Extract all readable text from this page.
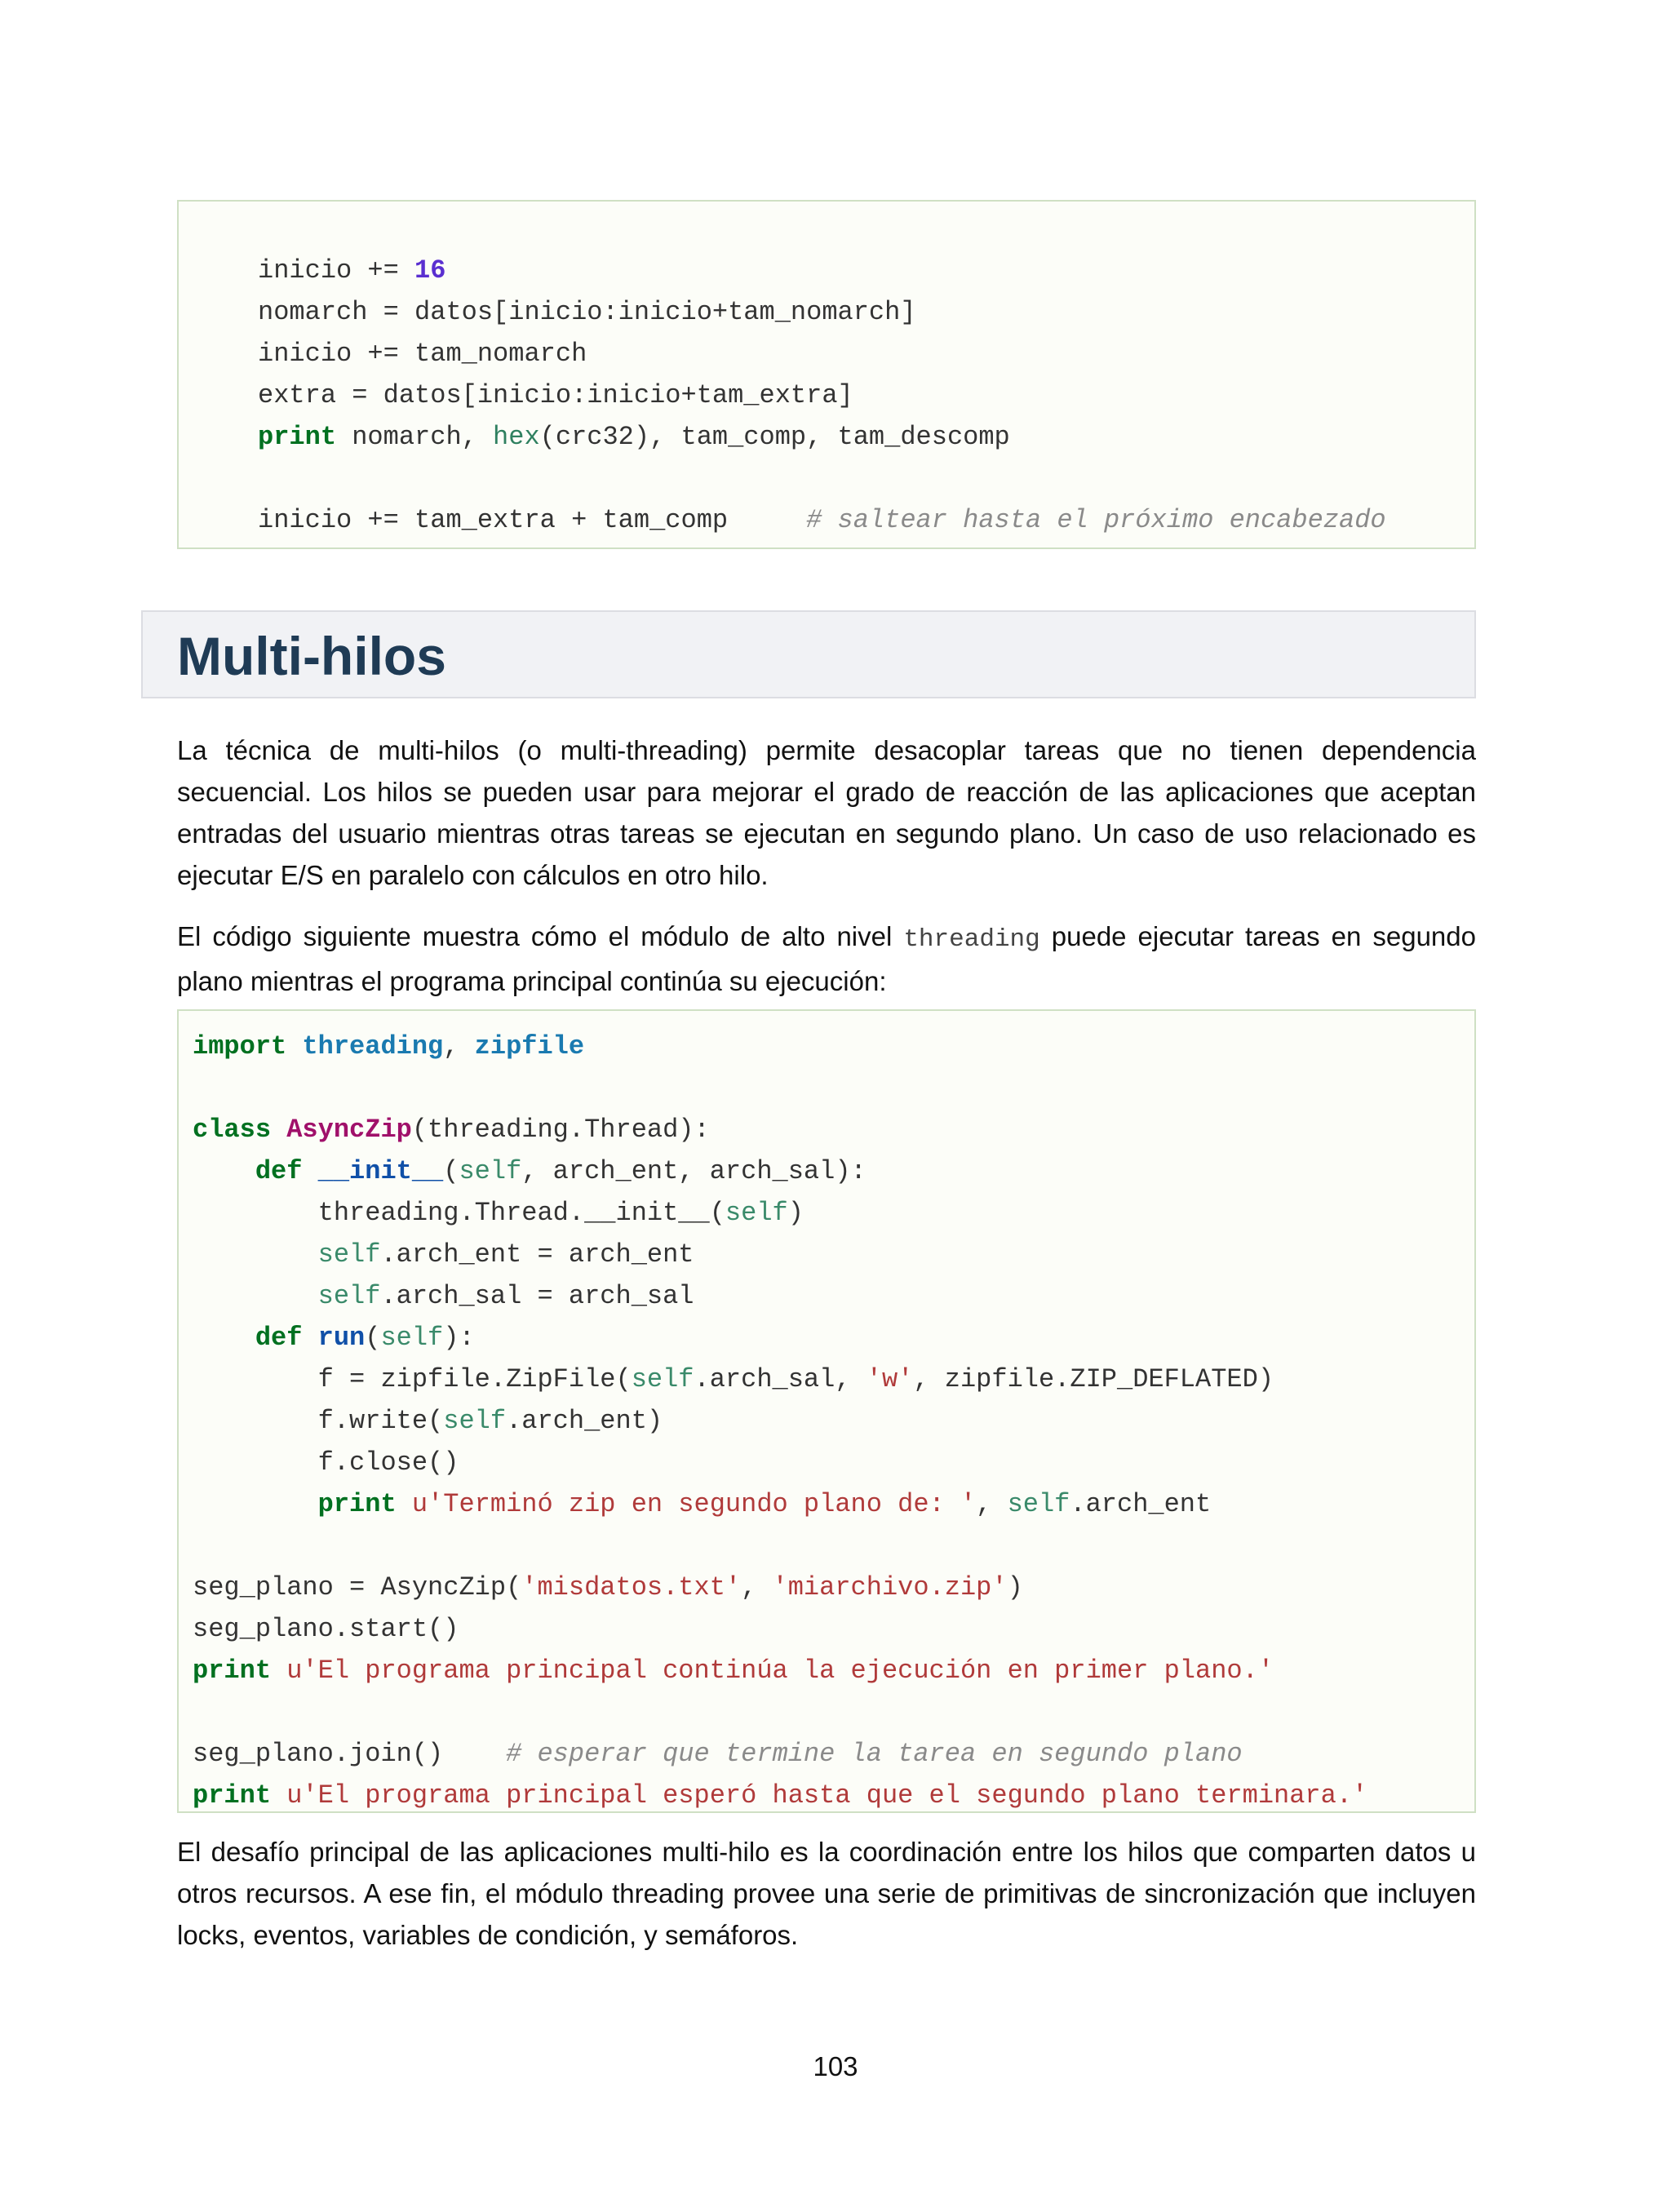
inicio += 16
nomarch = datos[inicio:inicio+tam_nomarch]
inicio += tam_nomarch
extra = datos[inicio:inicio+tam_extra]
print nomarch, hex(crc32), tam_comp, tam_descomp
inicio += tam_extra + tam_comp     # saltear hasta el próximo encabezado
Multi-hilos

La técnica de multi-hilos (o multi-threading) permite desacoplar tareas que no tienen dependencia secuencial. Los hilos se pueden usar para mejorar el grado de reacción de las aplicaciones que aceptan entradas del usuario mientras otras tareas se ejecutan en segundo plano. Un caso de uso relacionado es ejecutar E/S en paralelo con cálculos en otro hilo.

El código siguiente muestra cómo el módulo de alto nivel threading puede ejecutar tareas en segundo plano mientras el programa principal continúa su ejecución:

import threading, zipfile
class AsyncZip(threading.Thread):
def __init__(self, arch_ent, arch_sal):
threading.Thread.__init__(self)
self.arch_ent = arch_ent
self.arch_sal = arch_sal
def run(self):
f = zipfile.ZipFile(self.arch_sal, 'w', zipfile.ZIP_DEFLATED)
f.write(self.arch_ent)
f.close()
print u'Terminó zip en segundo plano de: ', self.arch_ent
seg_plano = AsyncZip('misdatos.txt', 'miarchivo.zip')
seg_plano.start()
print u'El programa principal continúa la ejecución en primer plano.'
seg_plano.join()    # esperar que termine la tarea en segundo plano
print u'El programa principal esperó hasta que el segundo plano terminara.'

El desafío principal de las aplicaciones multi-hilo es la coordinación entre los hilos que comparten datos u otros recursos. A ese fin, el módulo threading provee una serie de primitivas de sincronización que incluyen locks, eventos, variables de condición, y semáforos.

103
